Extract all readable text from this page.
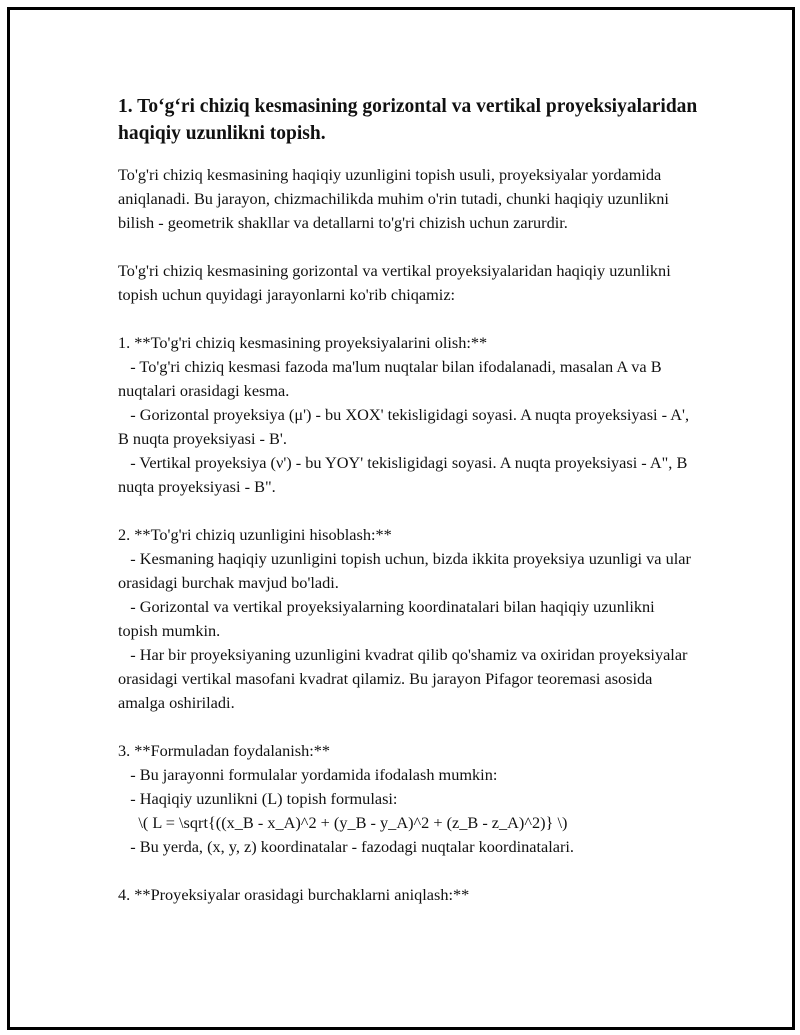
1. To‘g‘ri chiziq kesmasining gorizontal va vertikal proyeksiyalaridan haqiqiy uzunlikni topish.

To'g'ri chiziq kesmasining haqiqiy uzunligini topish usuli, proyeksiyalar yordamida aniqlanadi. Bu jarayon, chizmachilikda muhim o'rin tutadi, chunki haqiqiy uzunlikni bilish - geometrik shakllar va detallarni to'g'ri chizish uchun zarurdir.

To'g'ri chiziq kesmasining gorizontal va vertikal proyeksiyalaridan haqiqiy uzunlikni topish uchun quyidagi jarayonlarni ko'rib chiqamiz:

1. **To'g'ri chiziq kesmasining proyeksiyalarini olish:**
- To'g'ri chiziq kesmasi fazoda ma'lum nuqtalar bilan ifodalanadi, masalan A va B nuqtalari orasidagi kesma.
- Gorizontal proyeksiya (μ') - bu XOX' tekisligidagi soyasi. A nuqta proyeksiyasi - A', B nuqta proyeksiyasi - B'.
- Vertikal proyeksiya (ν') - bu YOY' tekisligidagi soyasi. A nuqta proyeksiyasi - A", B nuqta proyeksiyasi - B".

2. **To'g'ri chiziq uzunligini hisoblash:**
- Kesmaning haqiqiy uzunligini topish uchun, bizda ikkita proyeksiya uzunligi va ular orasidagi burchak mavjud bo'ladi.
- Gorizontal va vertikal proyeksiyalarning koordinatalari bilan haqiqiy uzunlikni topish mumkin.
- Har bir proyeksiyaning uzunligini kvadrat qilib qo'shamiz va oxiridan proyeksiyalar orasidagi vertikal masofani kvadrat qilamiz. Bu jarayon Pifagor teoremasi asosida amalga oshiriladi.

3. **Formuladan foydalanish:**
- Bu jarayonni formulalar yordamida ifodalash mumkin:
- Haqiqiy uzunlikni (L) topish formulasi:
\( L = \sqrt{((x_B - x_A)^2 + (y_B - y_A)^2 + (z_B - z_A)^2)} \)
- Bu yerda, (x, y, z) koordinatalar - fazodagi nuqtalar koordinatalari.

4. **Proyeksiyalar orasidagi burchaklarni aniqlash:**
